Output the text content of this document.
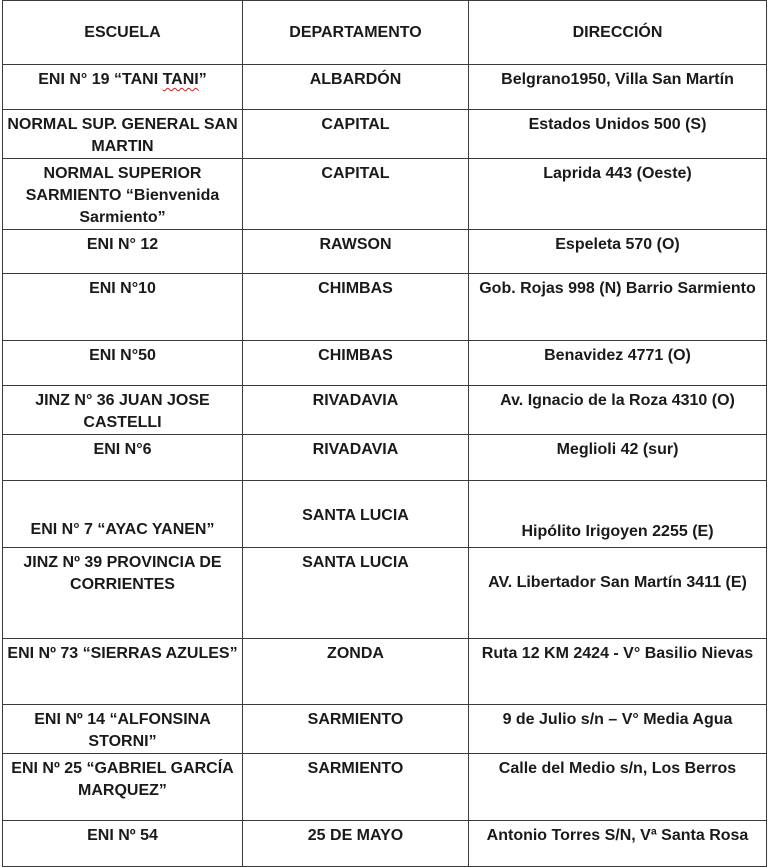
ESCUELA	DEPARTAMENTO	DIRECCIÓN
ENI N° 19 “TANI TANI”	ALBARDÓN	Belgrano1950, Villa San Martín
NORMAL SUP. GENERAL SAN MARTIN	CAPITAL	Estados Unidos 500 (S)
NORMAL SUPERIOR SARMIENTO “Bienvenida Sarmiento”	CAPITAL	Laprida 443 (Oeste)
ENI N° 12	RAWSON	Espeleta 570 (O)
ENI N°10	CHIMBAS	Gob. Rojas 998 (N) Barrio Sarmiento
ENI N°50	CHIMBAS	Benavidez 4771 (O)
JINZ N° 36 JUAN JOSE CASTELLI	RIVADAVIA	Av. Ignacio de la Roza 4310 (O)
ENI N°6	RIVADAVIA	Meglioli 42 (sur)
ENI N° 7 “AYAC YANEN”	SANTA LUCIA	Hipólito Irigoyen 2255 (E)
JINZ Nº 39 PROVINCIA DE CORRIENTES	SANTA LUCIA	AV. Libertador San Martín 3411 (E)
ENI Nº 73 “SIERRAS AZULES”	ZONDA	Ruta 12 KM 2424 - V° Basilio Nievas
ENI Nº 14 “ALFONSINA STORNI”	SARMIENTO	9 de Julio s/n – V° Media Agua
ENI Nº 25 “GABRIEL GARCÍA MARQUEZ”	SARMIENTO	Calle del Medio s/n, Los Berros
ENI Nº 54	25 DE MAYO	Antonio Torres S/N, Vª Santa Rosa
